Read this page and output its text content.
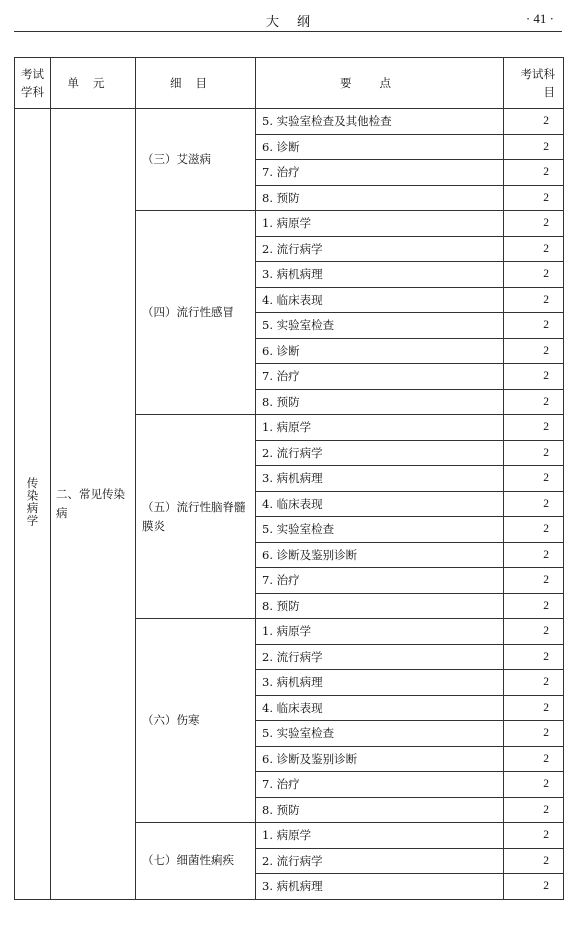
大纲	· 41 ·
考试学科	单元	细目	要点	考试科目
传染病学	二、常见传染病	（三）艾滋病	5. 实验室检查及其他检查	2
			6. 诊断	2
			7. 治疗	2
			8. 预防	2
		（四）流行性感冒	1. 病原学	2
			2. 流行病学	2
			3. 病机病理	2
			4. 临床表现	2
			5. 实验室检查	2
			6. 诊断	2
			7. 治疗	2
			8. 预防	2
		（五）流行性脑脊髓膜炎	1. 病原学	2
			2. 流行病学	2
			3. 病机病理	2
			4. 临床表现	2
			5. 实验室检查	2
			6. 诊断及鉴别诊断	2
			7. 治疗	2
			8. 预防	2
		（六）伤寒	1. 病原学	2
			2. 流行病学	2
			3. 病机病理	2
			4. 临床表现	2
			5. 实验室检查	2
			6. 诊断及鉴别诊断	2
			7. 治疗	2
			8. 预防	2
		（七）细菌性痢疾	1. 病原学	2
			2. 流行病学	2
			3. 病机病理	2
